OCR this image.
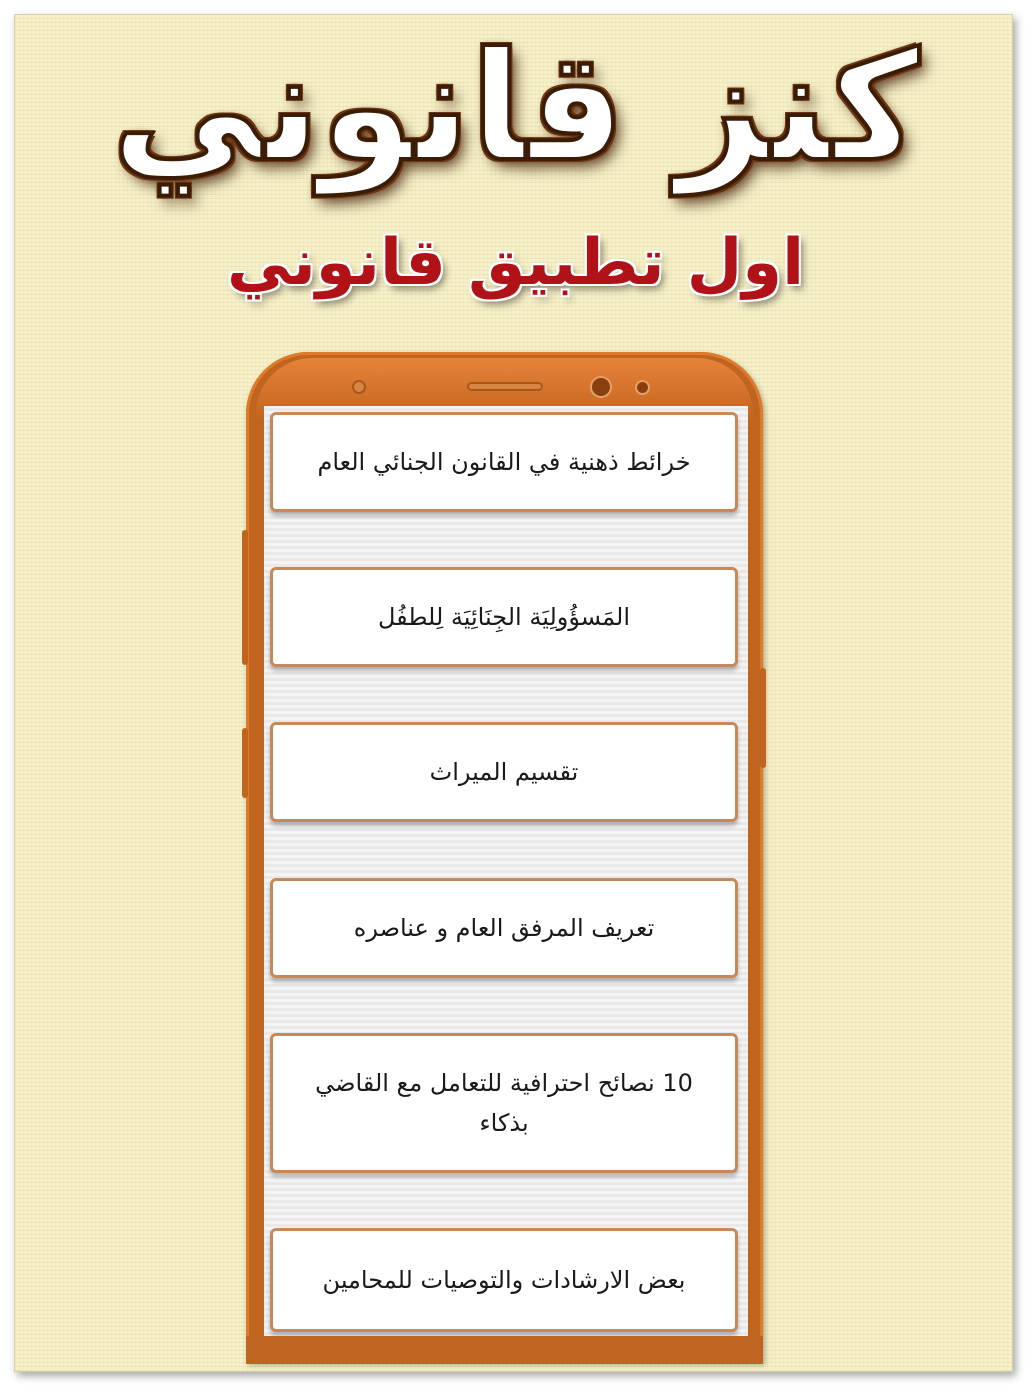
كنز قانوني
اول تطبيق قانوني
خرائط ذهنية في القانون الجنائي العام
المَسؤُولِيَة الجِنَائِيَة لِلطفُل
تقسيم الميراث
تعريف المرفق العام و عناصره
10 نصائح احترافية للتعامل مع القاضي بذكاء
بعض الارشادات والتوصيات للمحامين
